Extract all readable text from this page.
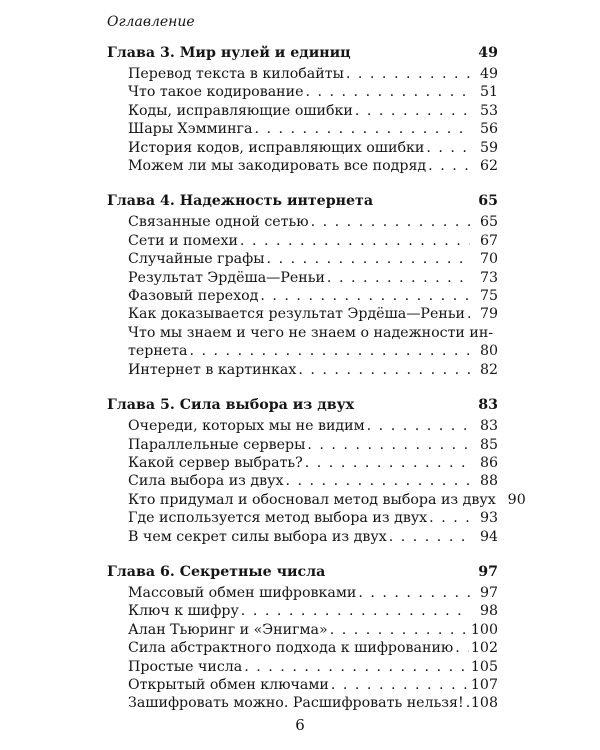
Оглавление
Глава 3. Мир нулей и единиц	49
Перевод текста в килобайты . . .	49
Что такое кодирование . . .	51
Коды, исправляющие ошибки . . .	53
Шары Хэмминга . . .	56
История кодов, исправляющих ошибки . . .	59
Можем ли мы закодировать все подряд . . .	62
Глава 4. Надежность интернета	65
Связанные одной сетью . . .	65
Сети и помехи . . .	67
Случайные графы . . .	70
Результат Эрдёша—Реньи . . .	73
Фазовый переход . . .	75
Как доказывается результат Эрдёша—Реньи . . .	79
Что мы знаем и чего не знаем о надежности ин-
тернета . . .	80
Интернет в картинках . . .	82
Глава 5. Сила выбора из двух	83
Очереди, которых мы не видим . . .	83
Параллельные серверы . . .	85
Какой сервер выбрать? . . .	86
Сила выбора из двух . . .	88
Кто придумал и обосновал метод выбора из двух 90
Где используется метод выбора из двух . . .	93
В чем секрет силы выбора из двух . . .	94
Глава 6. Секретные числа	97
Массовый обмен шифровками . . .	97
Ключ к шифру . . .	98
Алан Тьюринг и «Энигма» . . .	100
Сила абстрактного подхода к шифрованию . . . 102
Простые числа . . .	105
Открытый обмен ключами . . .	107
Зашифровать можно. Расшифровать нельзя! . . . 108
6
